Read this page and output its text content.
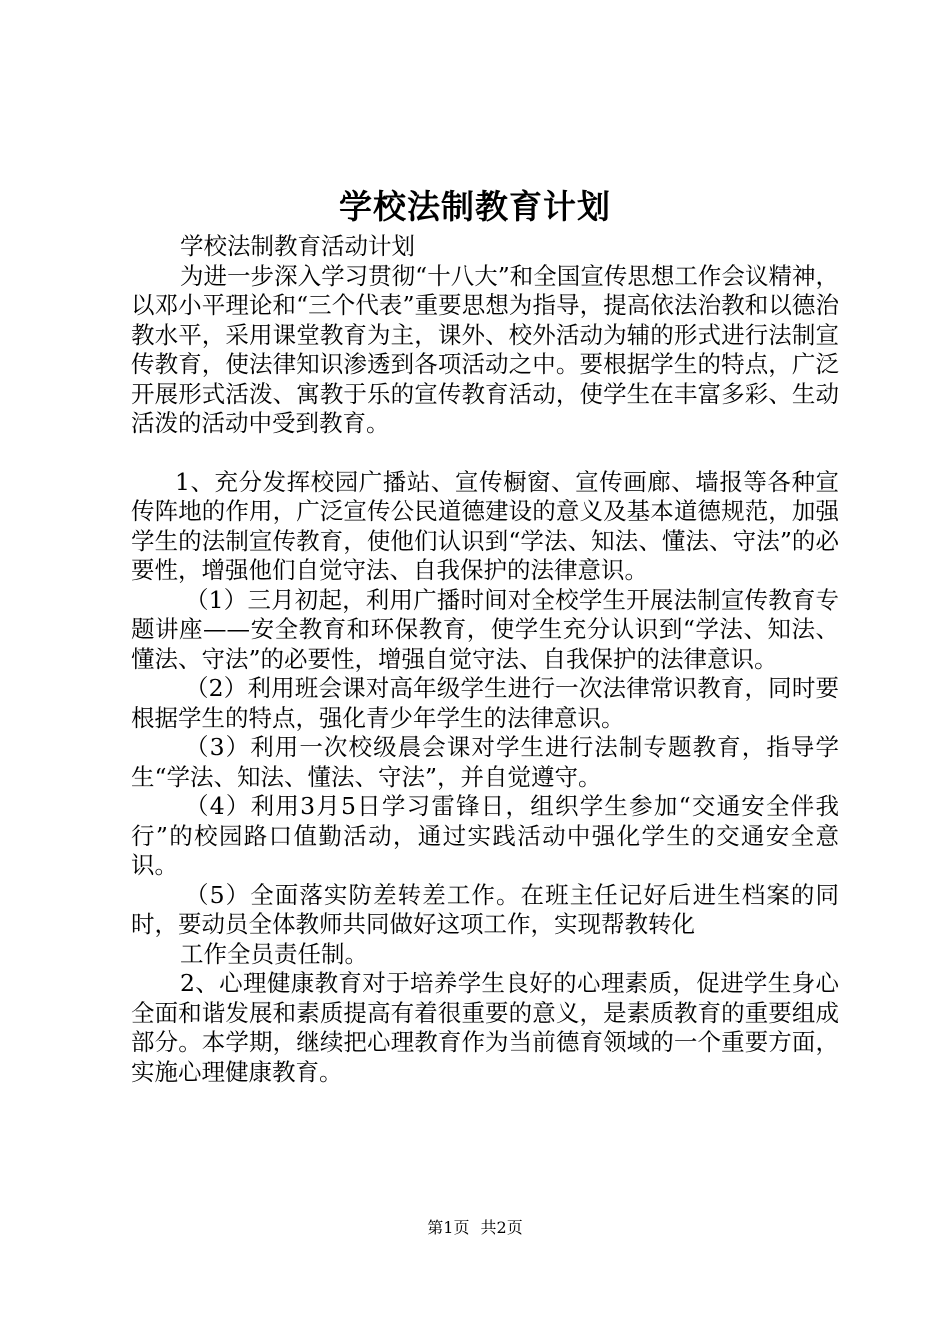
学校法制教育计划

学校法制教育活动计划

为进一步深入学习贯彻“十八大”和全国宣传思想工作会议精神，以邓小平理论和“三个代表”重要思想为指导，提高依法治教和以德治教水平，采用课堂教育为主，课外、校外活动为辅的形式进行法制宣传教育，使法律知识渗透到各项活动之中。要根据学生的特点，广泛开展形式活泼、寓教于乐的宣传教育活动，使学生在丰富多彩、生动活泼的活动中受到教育。

1、充分发挥校园广播站、宣传橱窗、宣传画廊、墙报等各种宣传阵地的作用，广泛宣传公民道德建设的意义及基本道德规范，加强学生的法制宣传教育，使他们认识到“学法、知法、懂法、守法”的必要性，增强他们自觉守法、自我保护的法律意识。

（1）三月初起，利用广播时间对全校学生开展法制宣传教育专题讲座——安全教育和环保教育，使学生充分认识到“学法、知法、懂法、守法”的必要性，增强自觉守法、自我保护的法律意识。

（2）利用班会课对高年级学生进行一次法律常识教育，同时要根据学生的特点，强化青少年学生的法律意识。

（3）利用一次校级晨会课对学生进行法制专题教育，指导学生“学法、知法、懂法、守法”，并自觉遵守。

（4）利用3月5日学习雷锋日，组织学生参加“交通安全伴我行”的校园路口值勤活动，通过实践活动中强化学生的交通安全意识。

（5）全面落实防差转差工作。在班主任记好后进生档案的同时，要动员全体教师共同做好这项工作，实现帮教转化

工作全员责任制。

2、心理健康教育对于培养学生良好的心理素质，促进学生身心全面和谐发展和素质提高有着很重要的意义，是素质教育的重要组成部分。本学期，继续把心理教育作为当前德育领域的一个重要方面，实施心理健康教育。

第1页 共2页
